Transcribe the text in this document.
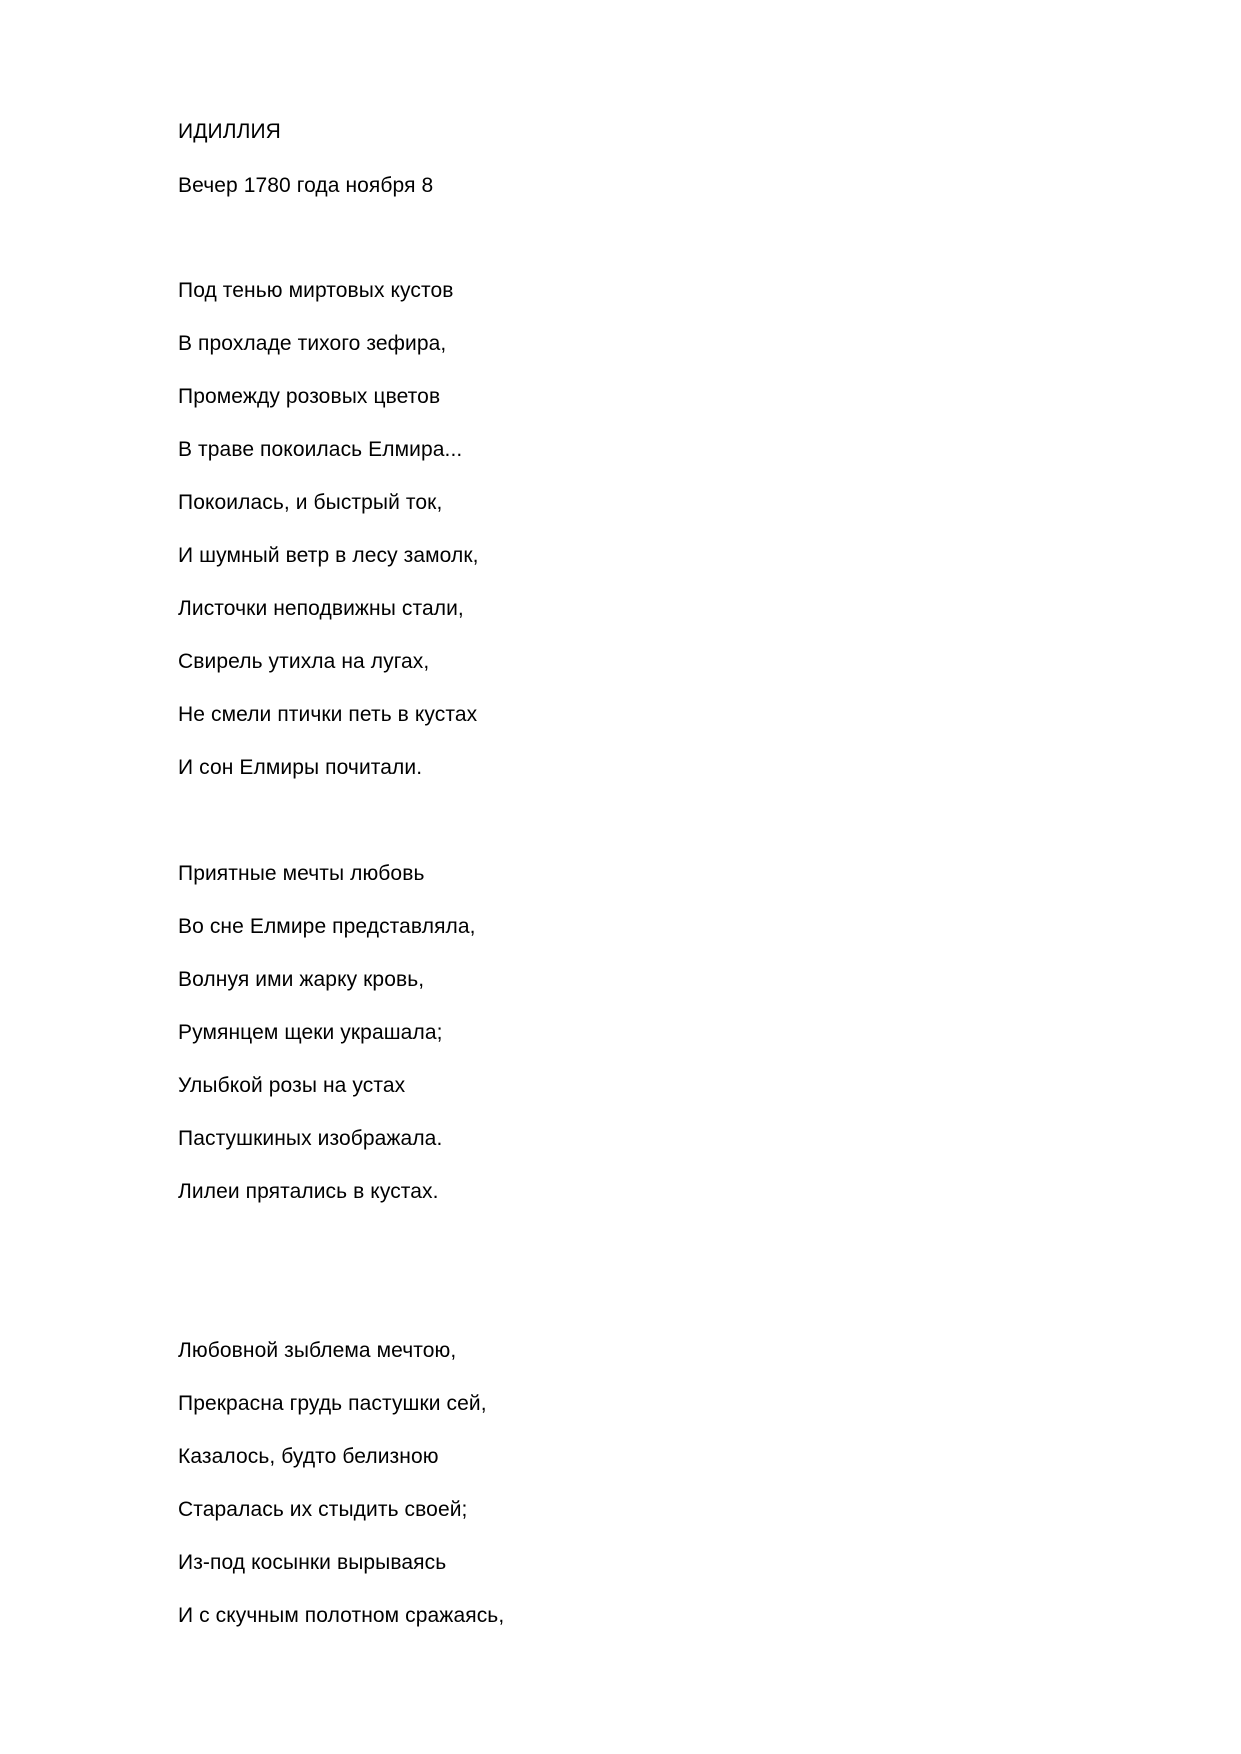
ИДИЛЛИЯ
Вечер 1780 года ноября 8
Под тенью миртовых кустов
В прохладе тихого зефира,
Промежду розовых цветов
В траве покоилась Елмира...
Покоилась, и быстрый ток,
И шумный ветр в лесу замолк,
Листочки неподвижны стали,
Свирель утихла на лугах,
Не смели птички петь в кустах
И сон Елмиры почитали.
Приятные мечты любовь
Во сне Елмире представляла,
Волнуя ими жарку кровь,
Румянцем щеки украшала;
Улыбкой розы на устах
Пастушкиных изображала.
Лилеи прятались в кустах.
Любовной зыблема мечтою,
Прекрасна грудь пастушки сей,
Казалось, будто белизною
Старалась их стыдить своей;
Из-под косынки вырываясь
И с скучным полотном сражаясь,
